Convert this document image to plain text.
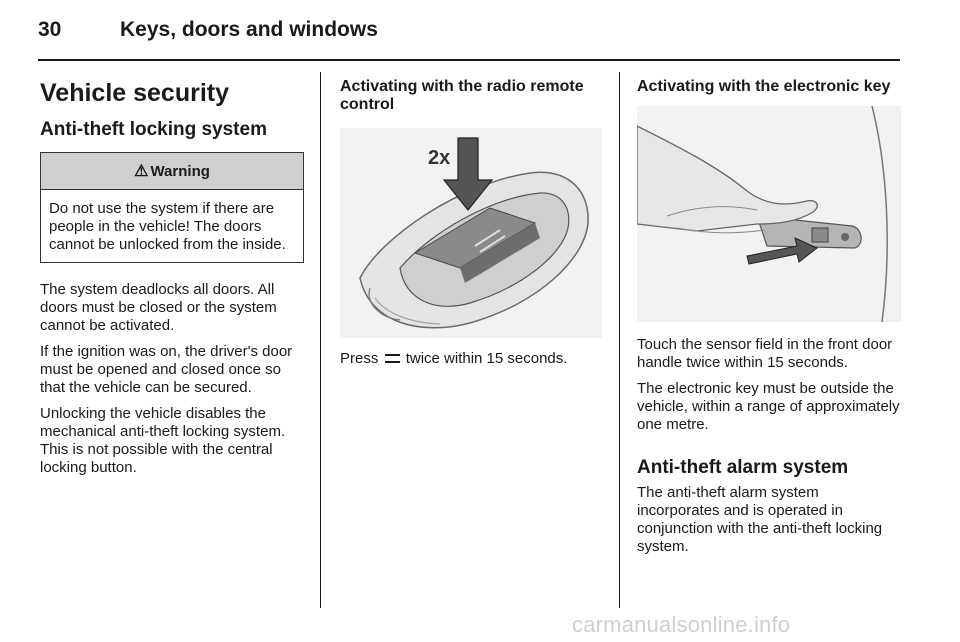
30	Keys, doors and windows
Vehicle security
Anti-theft locking system
⚠ Warning

Do not use the system if there are people in the vehicle! The doors cannot be unlocked from the inside.

The system deadlocks all doors. All doors must be closed or the system cannot be activated.

If the ignition was on, the driver's door must be opened and closed once so that the vehicle can be secured.

Unlocking the vehicle disables the mechanical anti-theft locking system. This is not possible with the central locking button.

Activating with the radio remote control
2x

Press twice within 15 seconds.

Activating with the electronic key

Touch the sensor field in the front door handle twice within 15 seconds.

The electronic key must be outside the vehicle, within a range of approximately one metre.

Anti-theft alarm system

The anti-theft alarm system incorporates and is operated in conjunction with the anti-theft locking system.

carmanualsonline.info
